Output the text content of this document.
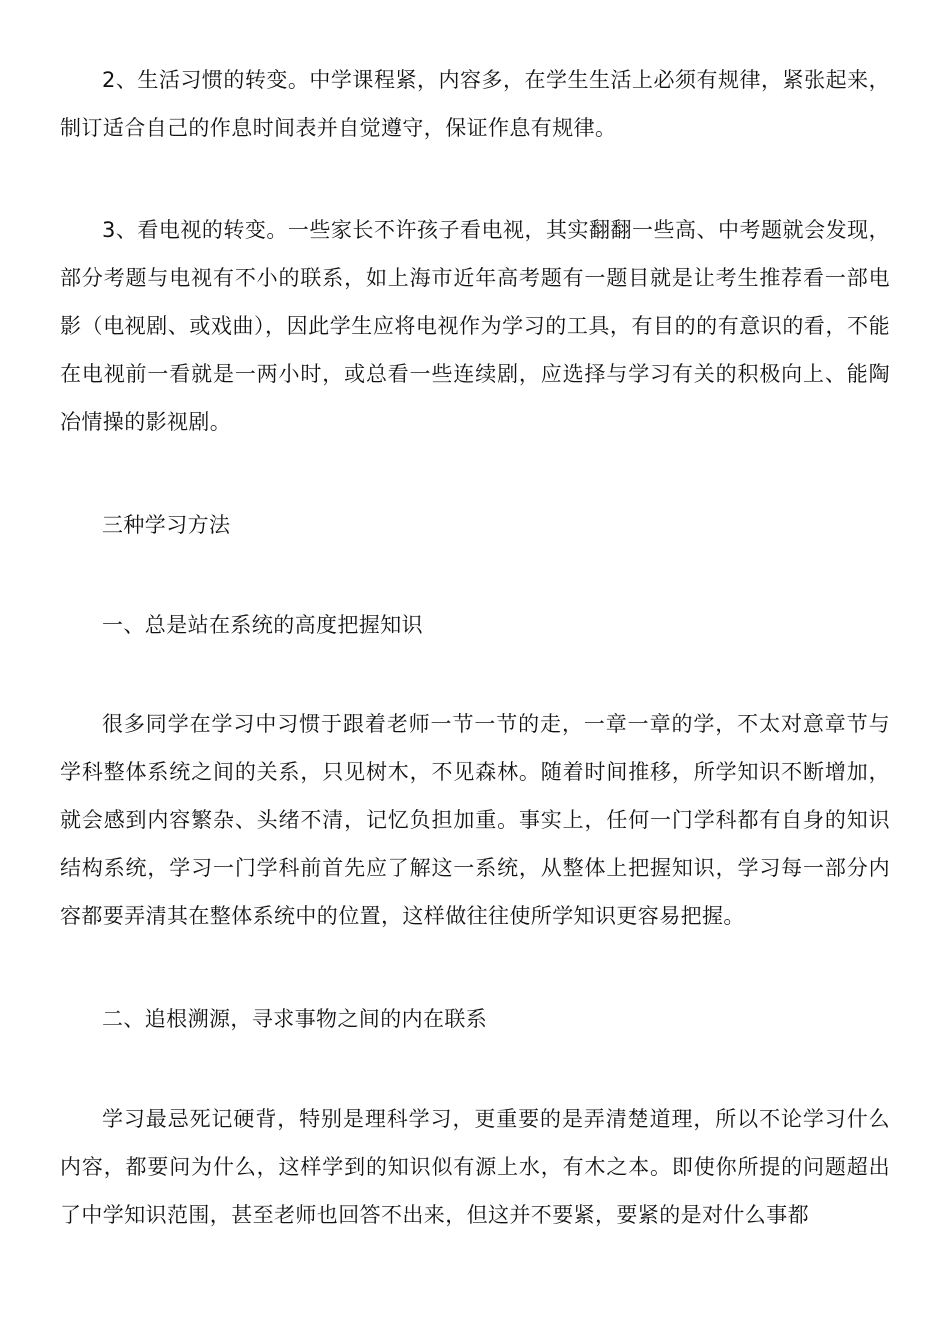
2、生活习惯的转变。中学课程紧，内容多，在学生生活上必须有规律，紧张起来，制订适合自己的作息时间表并自觉遵守，保证作息有规律。

3、看电视的转变。一些家长不许孩子看电视，其实翻翻一些高、中考题就会发现，部分考题与电视有不小的联系，如上海市近年高考题有一题目就是让考生推荐看一部电影（电视剧、或戏曲），因此学生应将电视作为学习的工具，有目的的有意识的看，不能在电视前一看就是一两小时，或总看一些连续剧，应选择与学习有关的积极向上、能陶冶情操的影视剧。

三种学习方法

一、总是站在系统的高度把握知识

很多同学在学习中习惯于跟着老师一节一节的走，一章一章的学，不太对意章节与学科整体系统之间的关系，只见树木，不见森林。随着时间推移，所学知识不断增加，就会感到内容繁杂、头绪不清，记忆负担加重。事实上，任何一门学科都有自身的知识结构系统，学习一门学科前首先应了解这一系统，从整体上把握知识，学习每一部分内容都要弄清其在整体系统中的位置，这样做往往使所学知识更容易把握。

二、追根溯源，寻求事物之间的内在联系

学习最忌死记硬背，特别是理科学习，更重要的是弄清楚道理，所以不论学习什么内容，都要问为什么，这样学到的知识似有源上水，有木之本。即使你所提的问题超出了中学知识范围，甚至老师也回答不出来，但这并不要紧，要紧的是对什么事都
